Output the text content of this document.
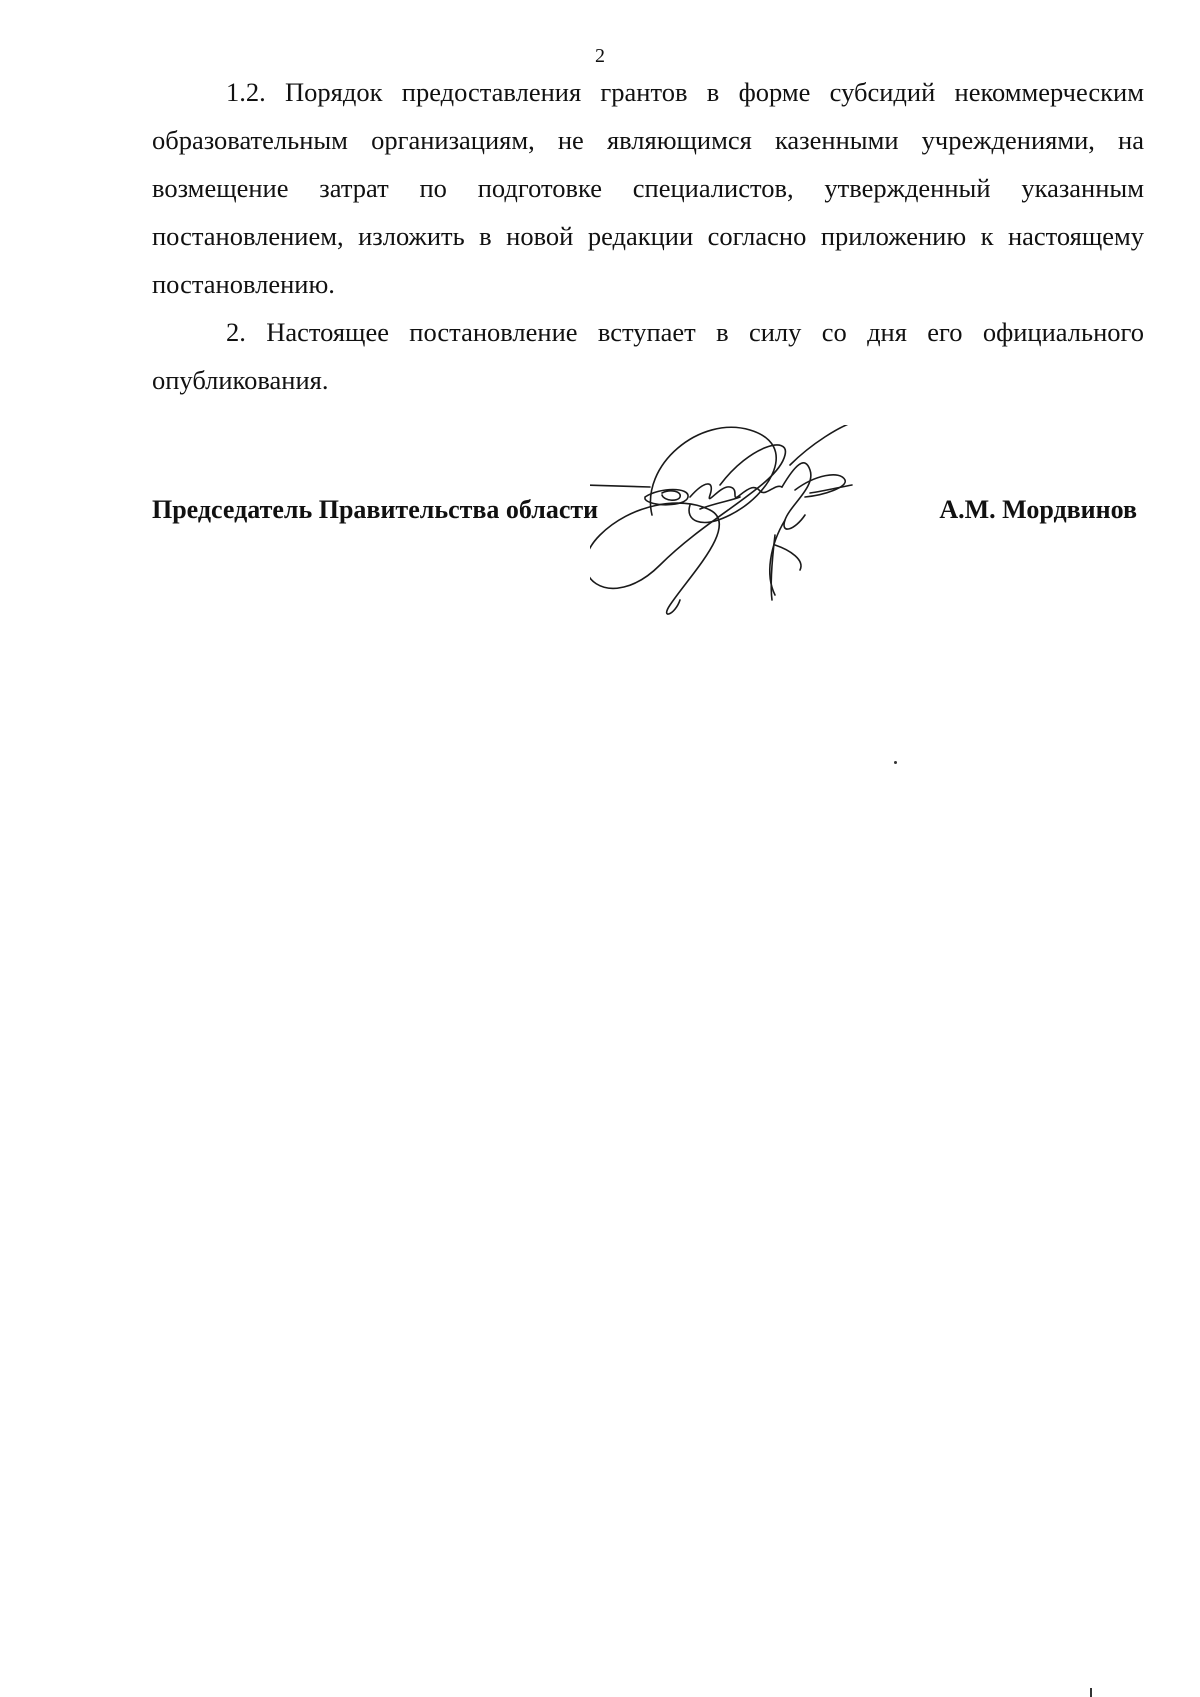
2

1.2. Порядок предоставления грантов в форме субсидий некоммерческим образовательным организациям, не являющимся казенными учреждениями, на возмещение затрат по подготовке специалистов, утвержденный указанным постановлением, изложить в новой редакции согласно приложению к настоящему постановлению.

2. Настоящее постановление вступает в силу со дня его официального опубликования.

Председатель Правительства области	А.М. Мордвинов
